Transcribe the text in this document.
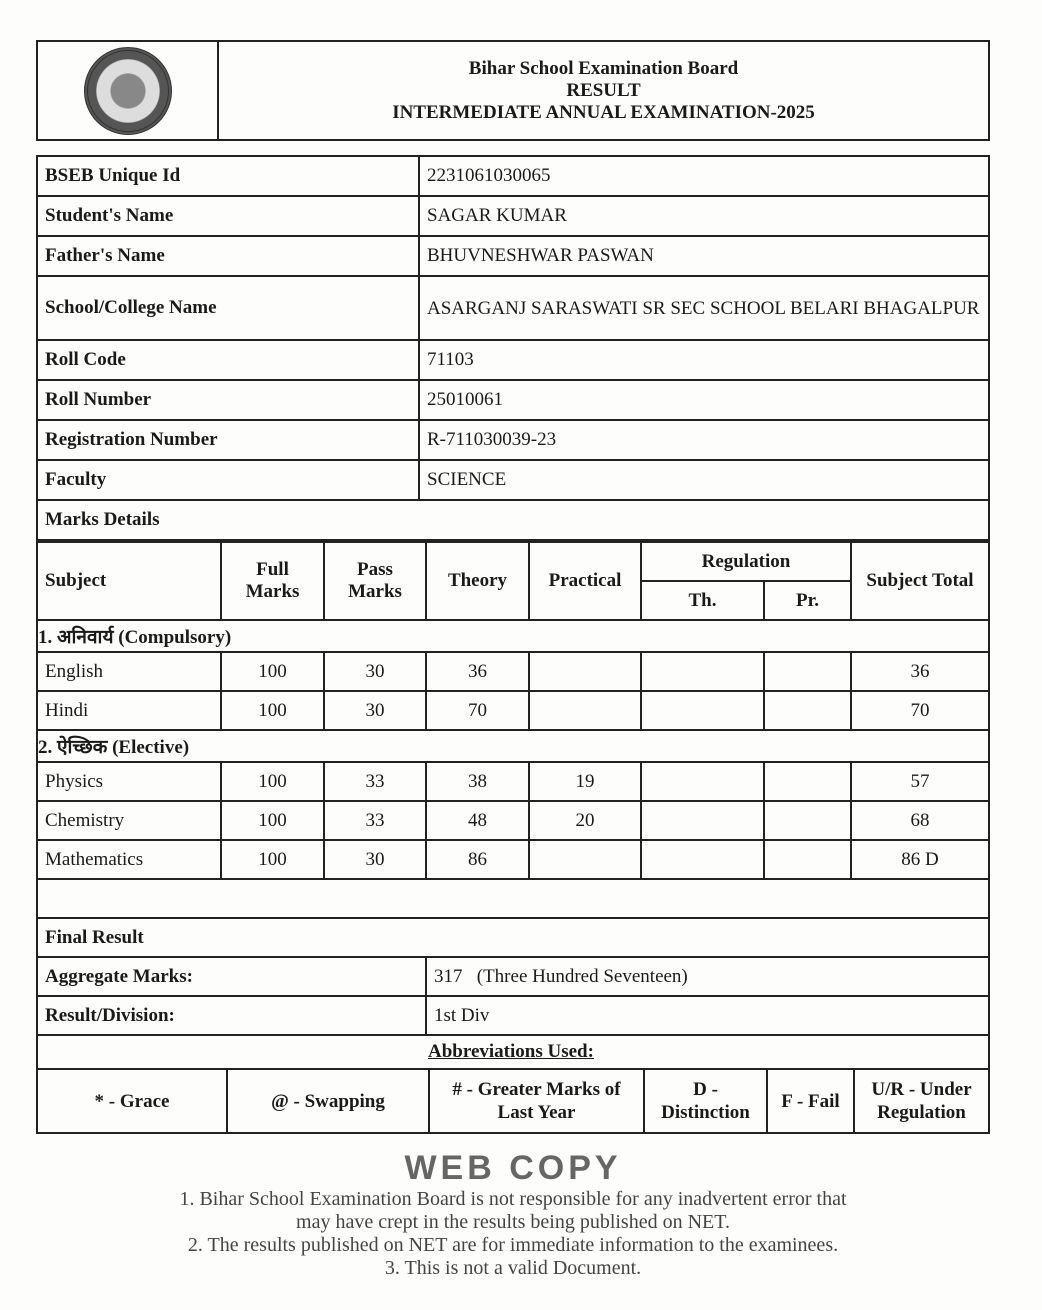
Bihar School Examination Board
RESULT
INTERMEDIATE ANNUAL EXAMINATION-2025
BSEB Unique Id	2231061030065
Student's Name	SAGAR KUMAR
Father's Name	BHUVNESHWAR PASWAN
School/College Name	ASARGANJ SARASWATI SR SEC SCHOOL BELARI BHAGALPUR
Roll Code	71103
Roll Number	25010061
Registration Number	R-711030039-23
Faculty	SCIENCE
Marks Details	
Subject	Full Marks	Pass Marks	Theory	Practical	Regulation		Subject Total
					Th.	Pr.	
1. अनिवार्य (Compulsory)							
English	100	30	36				36
Hindi	100	30	70				70
2. ऐच्छिक (Elective)							
Physics	100	33	38	19			57
Chemistry	100	33	48	20			68
Mathematics	100	30	86				86 D

Final Result							
Aggregate Marks:			317 (Three Hundred Seventeen)				
Result/Division:			1st Div				
Abbreviations Used:							
* - Grace	@ - Swapping	# - Greater Marks of Last Year	D - Distinction	F - Fail	U/R - Under Regulation
WEB COPY
1. Bihar School Examination Board is not responsible for any inadvertent error that
may have crept in the results being published on NET.
2. The results published on NET are for immediate information to the examinees.
3. This is not a valid Document.
